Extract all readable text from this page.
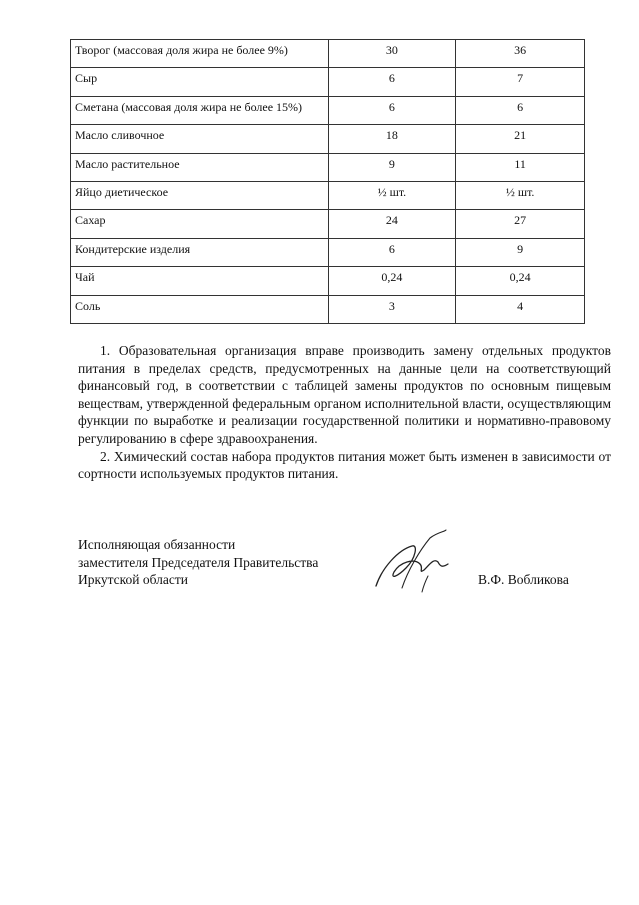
Творог (массовая доля жира не более 9%)	30	36
Сыр	6	7
Сметана (массовая доля жира не более 15%)	6	6
Масло сливочное	18	21
Масло растительное	9	11
Яйцо диетическое	½ шт.	½ шт.
Сахар	24	27
Кондитерские изделия	6	9
Чай	0,24	0,24
Соль	3	4

1. Образовательная организация вправе производить замену отдельных продуктов питания в пределах средств, предусмотренных на данные цели на соответствующий финансовый год, в соответствии с таблицей замены продуктов по основным пищевым веществам, утвержденной федеральным органом исполнительной власти, осуществляющим функции по выработке и реализации государственной политики и нормативно-правовому регулированию в сфере здравоохранения.

2. Химический состав набора продуктов питания может быть изменен в зависимости от сортности используемых продуктов питания.

Исполняющая обязанности
заместителя Председателя Правительства
Иркутской области	В.Ф. Вобликова
